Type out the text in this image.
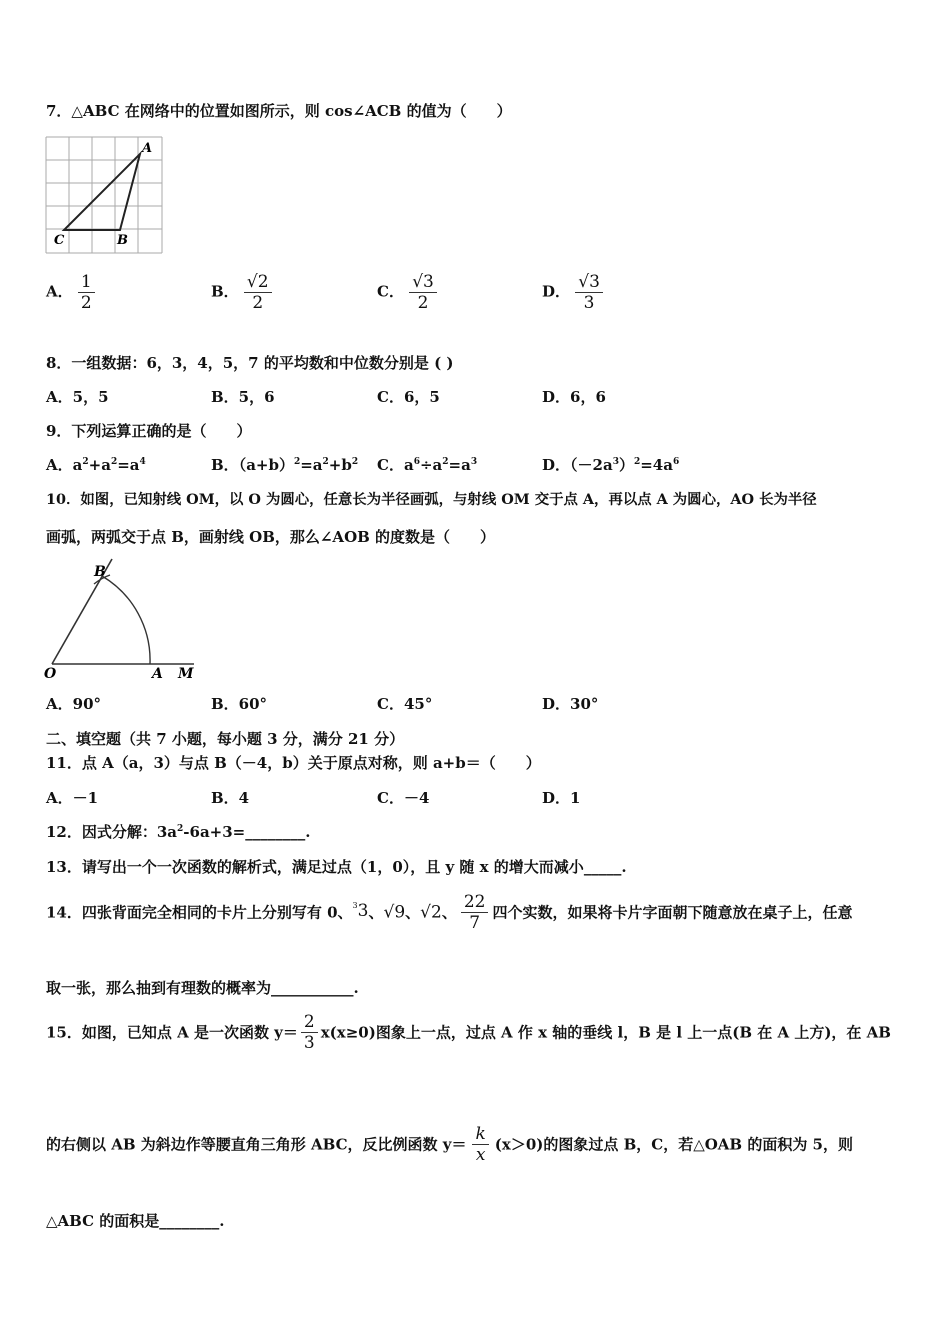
7．△ABC 在网络中的位置如图所示，则 cos∠ACB 的值为（　　）
A
B
C
A． $\frac{1}{2}$	B． $\frac{√2}{2}$	C． $\frac{√3}{2}$	D． $\frac{√3}{3}$
8．一组数据：6，3，4，5，7 的平均数和中位数分别是 ( )
A．5，5	B．5，6	C．6，5	D．6，6
9．下列运算正确的是（　　）
A．$a^2+a^2=a^4$	B．$(a+b)^2=a^2+b^2$ C．$a^6\div a^2=a^3$	D．$(-2a^3)^2=4a^6$
10．如图，已知射线 OM，以 O 为圆心，任意长为半径画弧，与射线 OM 交于点 A，再以点 A 为圆心，AO 长为半径
画弧，两弧交于点 B，画射线 OB，那么∠AOB 的度数是（　　）
B
O	A M
A．90°	B．60°	C．45°	D．30°
二、填空题（共 7 小题，每小题 3 分，满分 21 分）
11．点 A（a，3）与点 B（－4，b）关于原点对称，则 a+b＝（　　）
A．－1	B．4	C．－4	D．1
12．因式分解：$3a^2-6a+3=\_\_\_\_\_\_\_\_$.
13．请写出一个一次函数的解析式，满足过点（1，0），且 y 随 x 的增大而减小_____.
14．四张背面完全相同的卡片上分别写有 0、$^3$3、√9、√2、 $\frac{22}{7}$ 四个实数，如果将卡片字面朝下随意放在桌子上，任意
取一张，那么抽到有理数的概率为___________.
15．如图，已知点 A 是一次函数 $y= \frac{2}{3} x(x\ge 0)$图象上一点，过点 A 作 x 轴的垂线 l，B 是 l 上一点(B 在 A 上方)，在 AB
的右侧以 AB 为斜边作等腰直角三角形 ABC，反比例函数 $y= \frac{k}{x} (x>0)$的图象过点 B，C，若△OAB 的面积为 5，则
△ABC 的面积是________.
